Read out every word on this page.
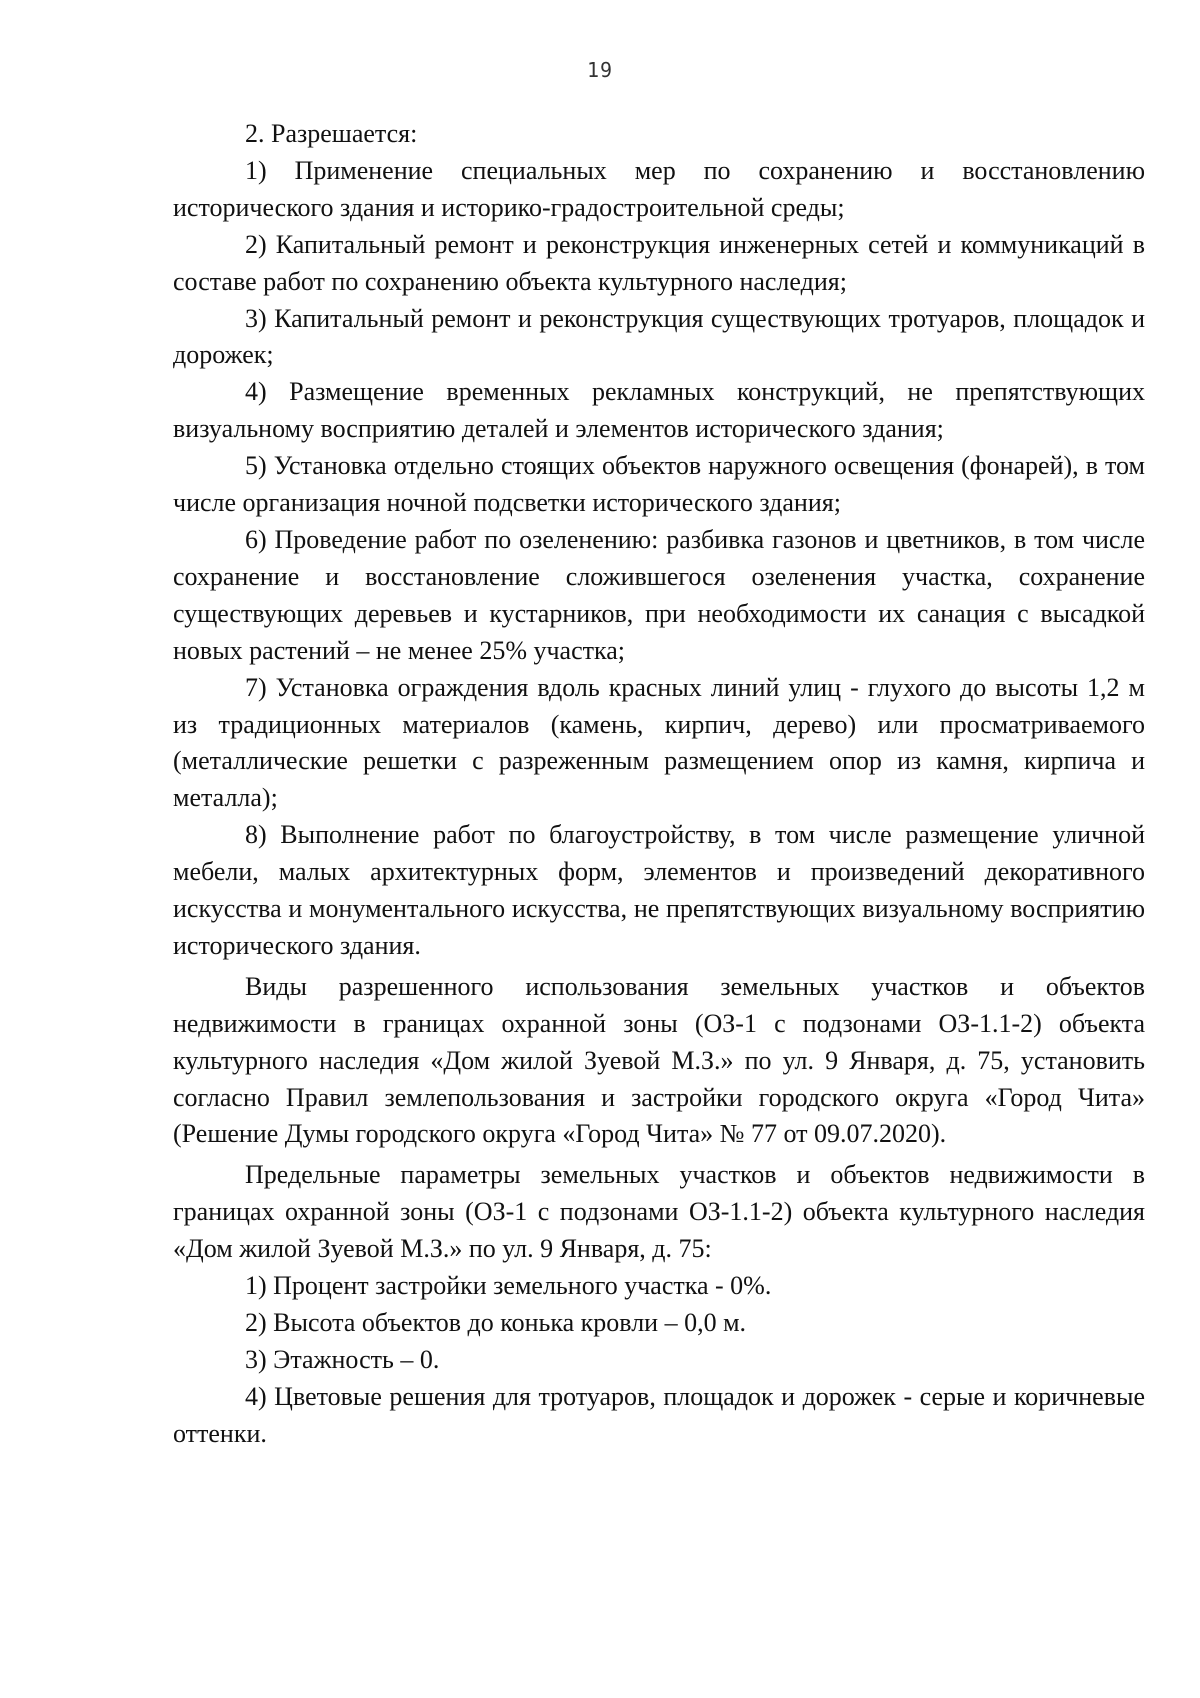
19

2. Разрешается:

1) Применение специальных мер по сохранению и восстановлению исторического здания и историко-градостроительной среды;

2) Капитальный ремонт и реконструкция инженерных сетей и коммуникаций в составе работ по сохранению объекта культурного наследия;

3) Капитальный ремонт и реконструкция существующих тротуаров, площадок и дорожек;

4) Размещение временных рекламных конструкций, не препятствующих визуальному восприятию деталей и элементов исторического здания;

5) Установка отдельно стоящих объектов наружного освещения (фонарей), в том числе организация ночной подсветки исторического здания;

6) Проведение работ по озеленению: разбивка газонов и цветников, в том числе сохранение и восстановление сложившегося озеленения участка, сохранение существующих деревьев и кустарников, при необходимости их санация с высадкой новых растений – не менее 25% участка;

7) Установка ограждения вдоль красных линий улиц - глухого до высоты 1,2 м из традиционных материалов (камень, кирпич, дерево) или просматриваемого (металлические решетки с разреженным размещением опор из камня, кирпича и металла);

8) Выполнение работ по благоустройству, в том числе размещение уличной мебели, малых архитектурных форм, элементов и произведений декоративного искусства и монументального искусства, не препятствующих визуальному восприятию исторического здания.

Виды разрешенного использования земельных участков и объектов недвижимости в границах охранной зоны (ОЗ-1 с подзонами ОЗ-1.1-2) объекта культурного наследия «Дом жилой Зуевой М.З.» по ул. 9 Января, д. 75, установить согласно Правил землепользования и застройки городского округа «Город Чита» (Решение Думы городского округа «Город Чита» № 77 от 09.07.2020).

Предельные параметры земельных участков и объектов недвижимости в границах охранной зоны (ОЗ-1 с подзонами ОЗ-1.1-2) объекта культурного наследия «Дом жилой Зуевой М.З.» по ул. 9 Января, д. 75:

1) Процент застройки земельного участка - 0%.

2) Высота объектов до конька кровли – 0,0 м.

3) Этажность – 0.

4) Цветовые решения для тротуаров, площадок и дорожек - серые и коричневые оттенки.
